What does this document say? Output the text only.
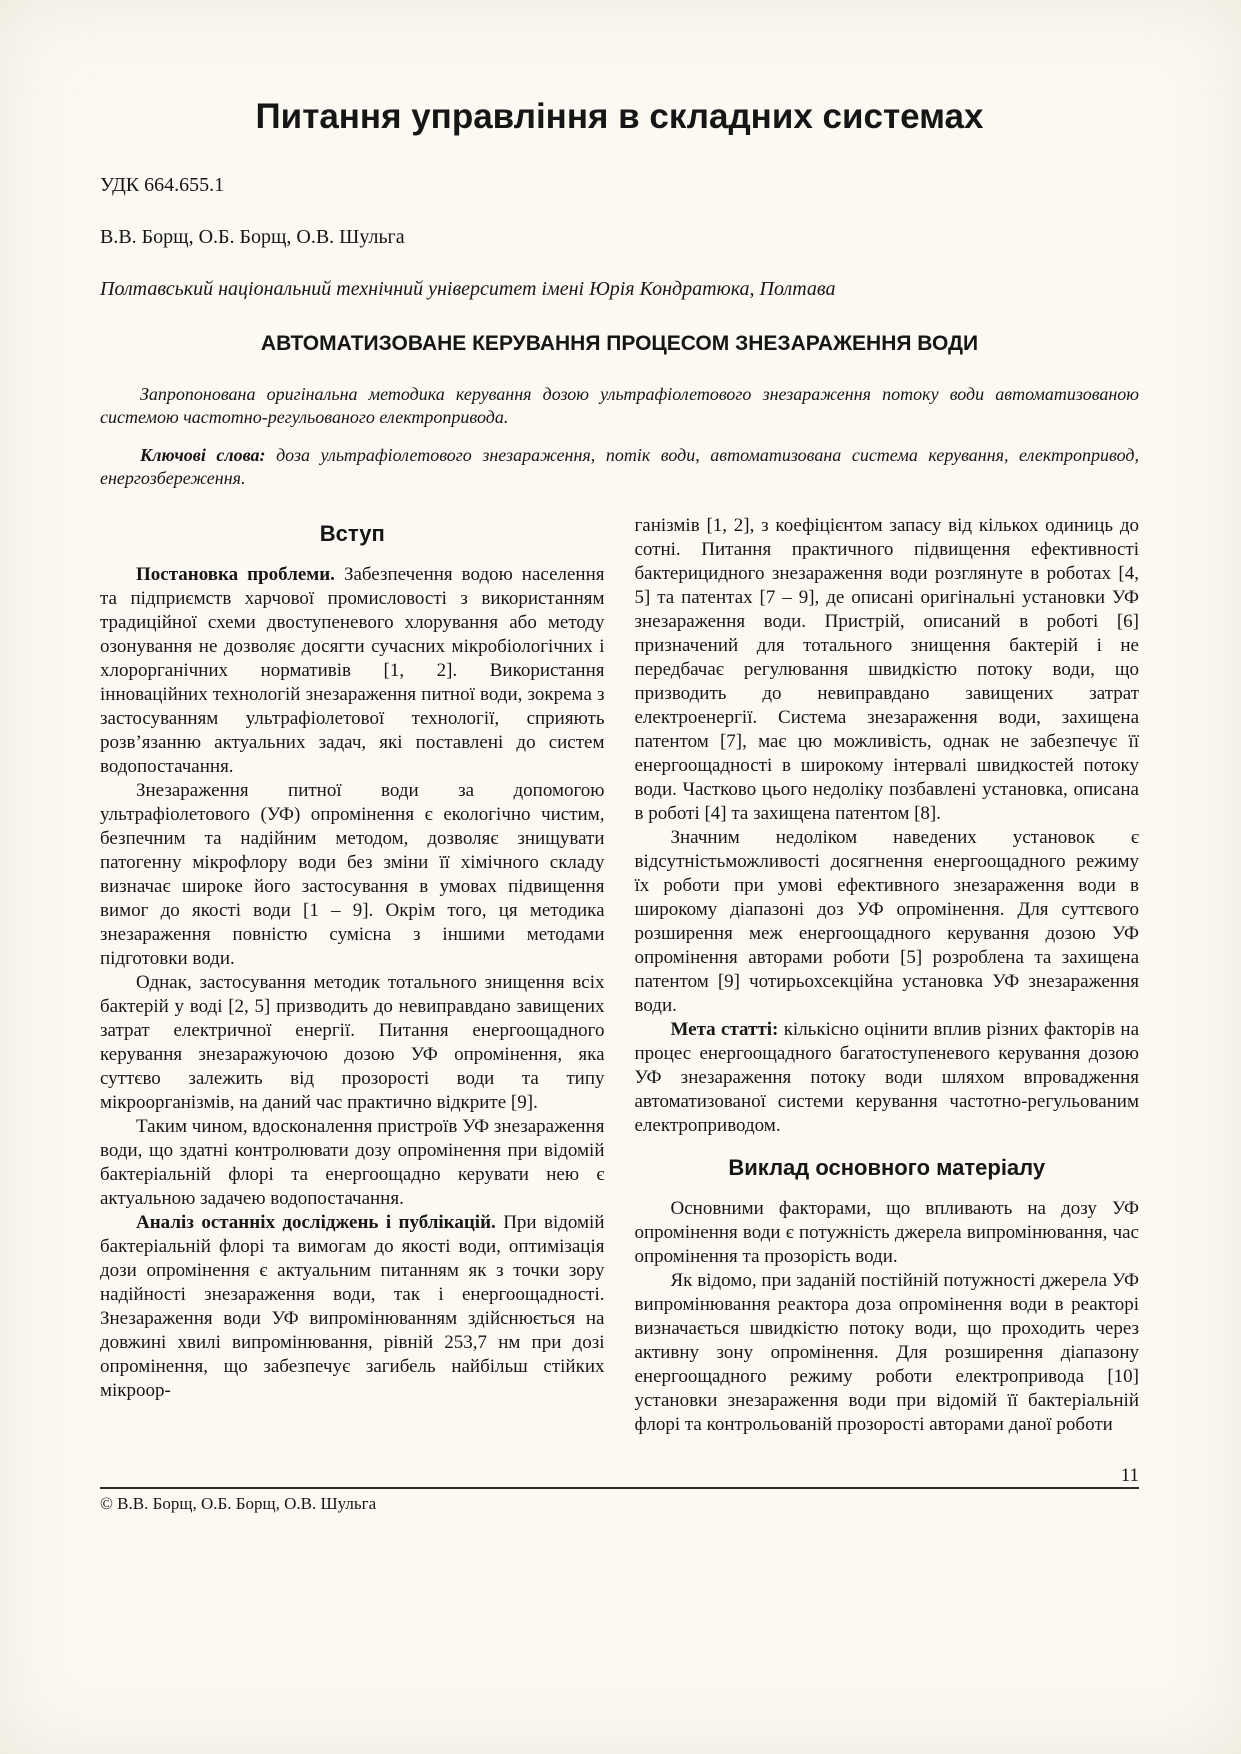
Питання управління в складних системах
УДК 664.655.1
В.В. Борщ, О.Б. Борщ, О.В. Шульга
Полтавський національний технічний університет імені Юрія Кондратюка, Полтава
АВТОМАТИЗОВАНЕ КЕРУВАННЯ ПРОЦЕСОМ ЗНЕЗАРАЖЕННЯ ВОДИ

Запропонована оригінальна методика керування дозою ультрафіолетового знезараження потоку води автоматизованою системою частотно-регульованого електропривода.

Ключові слова: доза ультрафіолетового знезараження, потік води, автоматизована система керування, електропривод, енергозбереження.

Вступ

Постановка проблеми. Забезпечення водою населення та підприємств харчової промисловості з використанням традиційної схеми двоступеневого хлорування або методу озонування не дозволяє досягти сучасних мікробіологічних і хлорорганічних нормативів [1, 2]. Використання інноваційних технологій знезараження питної води, зокрема з застосуванням ультрафіолетової технології, сприяють розв’язанню актуальних задач, які поставлені до систем водопостачання.

Знезараження питної води за допомогою ультрафіолетового (УФ) опромінення є екологічно чистим, безпечним та надійним методом, дозволяє знищувати патогенну мікрофлору води без зміни її хімічного складу визначає широке його застосування в умовах підвищення вимог до якості води [1 – 9]. Окрім того, ця методика знезараження повністю сумісна з іншими методами підготовки води.

Однак, застосування методик тотального знищення всіх бактерій у воді [2, 5] призводить до невиправдано завищених затрат електричної енергії. Питання енергоощадного керування знезаражуючою дозою УФ опромінення, яка суттєво залежить від прозорості води та типу мікроорганізмів, на даний час практично відкрите [9].

Таким чином, вдосконалення пристроїв УФ знезараження води, що здатні контролювати дозу опромінення при відомій бактеріальній флорі та енергоощадно керувати нею є актуальною задачею водопостачання.

Аналіз останніх досліджень і публікацій. При відомій бактеріальній флорі та вимогам до якості води, оптимізація дози опромінення є актуальним питанням як з точки зору надійності знезараження води, так і енергоощадності. Знезараження води УФ випромінюванням здійснюється на довжині хвилі випромінювання, рівній 253,7 нм при дозі опромінення, що забезпечує загибель найбільш стійких мікроор-

ганізмів [1, 2], з коефіцієнтом запасу від кількох одиниць до сотні. Питання практичного підвищення ефективності бактерицидного знезараження води розглянуте в роботах [4, 5] та патентах [7 – 9], де описані оригінальні установки УФ знезараження води. Пристрій, описаний в роботі [6] призначений для тотального знищення бактерій і не передбачає регулювання швидкістю потоку води, що призводить до невиправдано завищених затрат електроенергії. Система знезараження води, захищена патентом [7], має цю можливість, однак не забезпечує її енергоощадності в широкому інтервалі швидкостей потоку води. Частково цього недоліку позбавлені установка, описана в роботі [4] та захищена патентом [8].

Значним недоліком наведених установок є відсутністьможливості досягнення енергоощадного режиму їх роботи при умові ефективного знезараження води в широкому діапазоні доз УФ опромінення. Для суттєвого розширення меж енергоощадного керування дозою УФ опромінення авторами роботи [5] розроблена та захищена патентом [9] чотирьохсекційна установка УФ знезараження води.

Мета статті: кількісно оцінити вплив різних факторів на процес енергоощадного багатоступеневого керування дозою УФ знезараження потоку води шляхом впровадження автоматизованої системи керування частотно-регульованим електроприводом.

Виклад основного матеріалу

Основними факторами, що впливають на дозу УФ опромінення води є потужність джерела випромінювання, час опромінення та прозорість води.

Як відомо, при заданій постійній потужності джерела УФ випромінювання реактора доза опромінення води в реакторі визначається швидкістю потоку води, що проходить через активну зону опромінення. Для розширення діапазону енергоощадного режиму роботи електропривода [10] установки знезараження води при відомій її бактеріальній флорі та контрольованій прозорості авторами даної роботи

11
© В.В. Борщ, О.Б. Борщ, О.В. Шульга
